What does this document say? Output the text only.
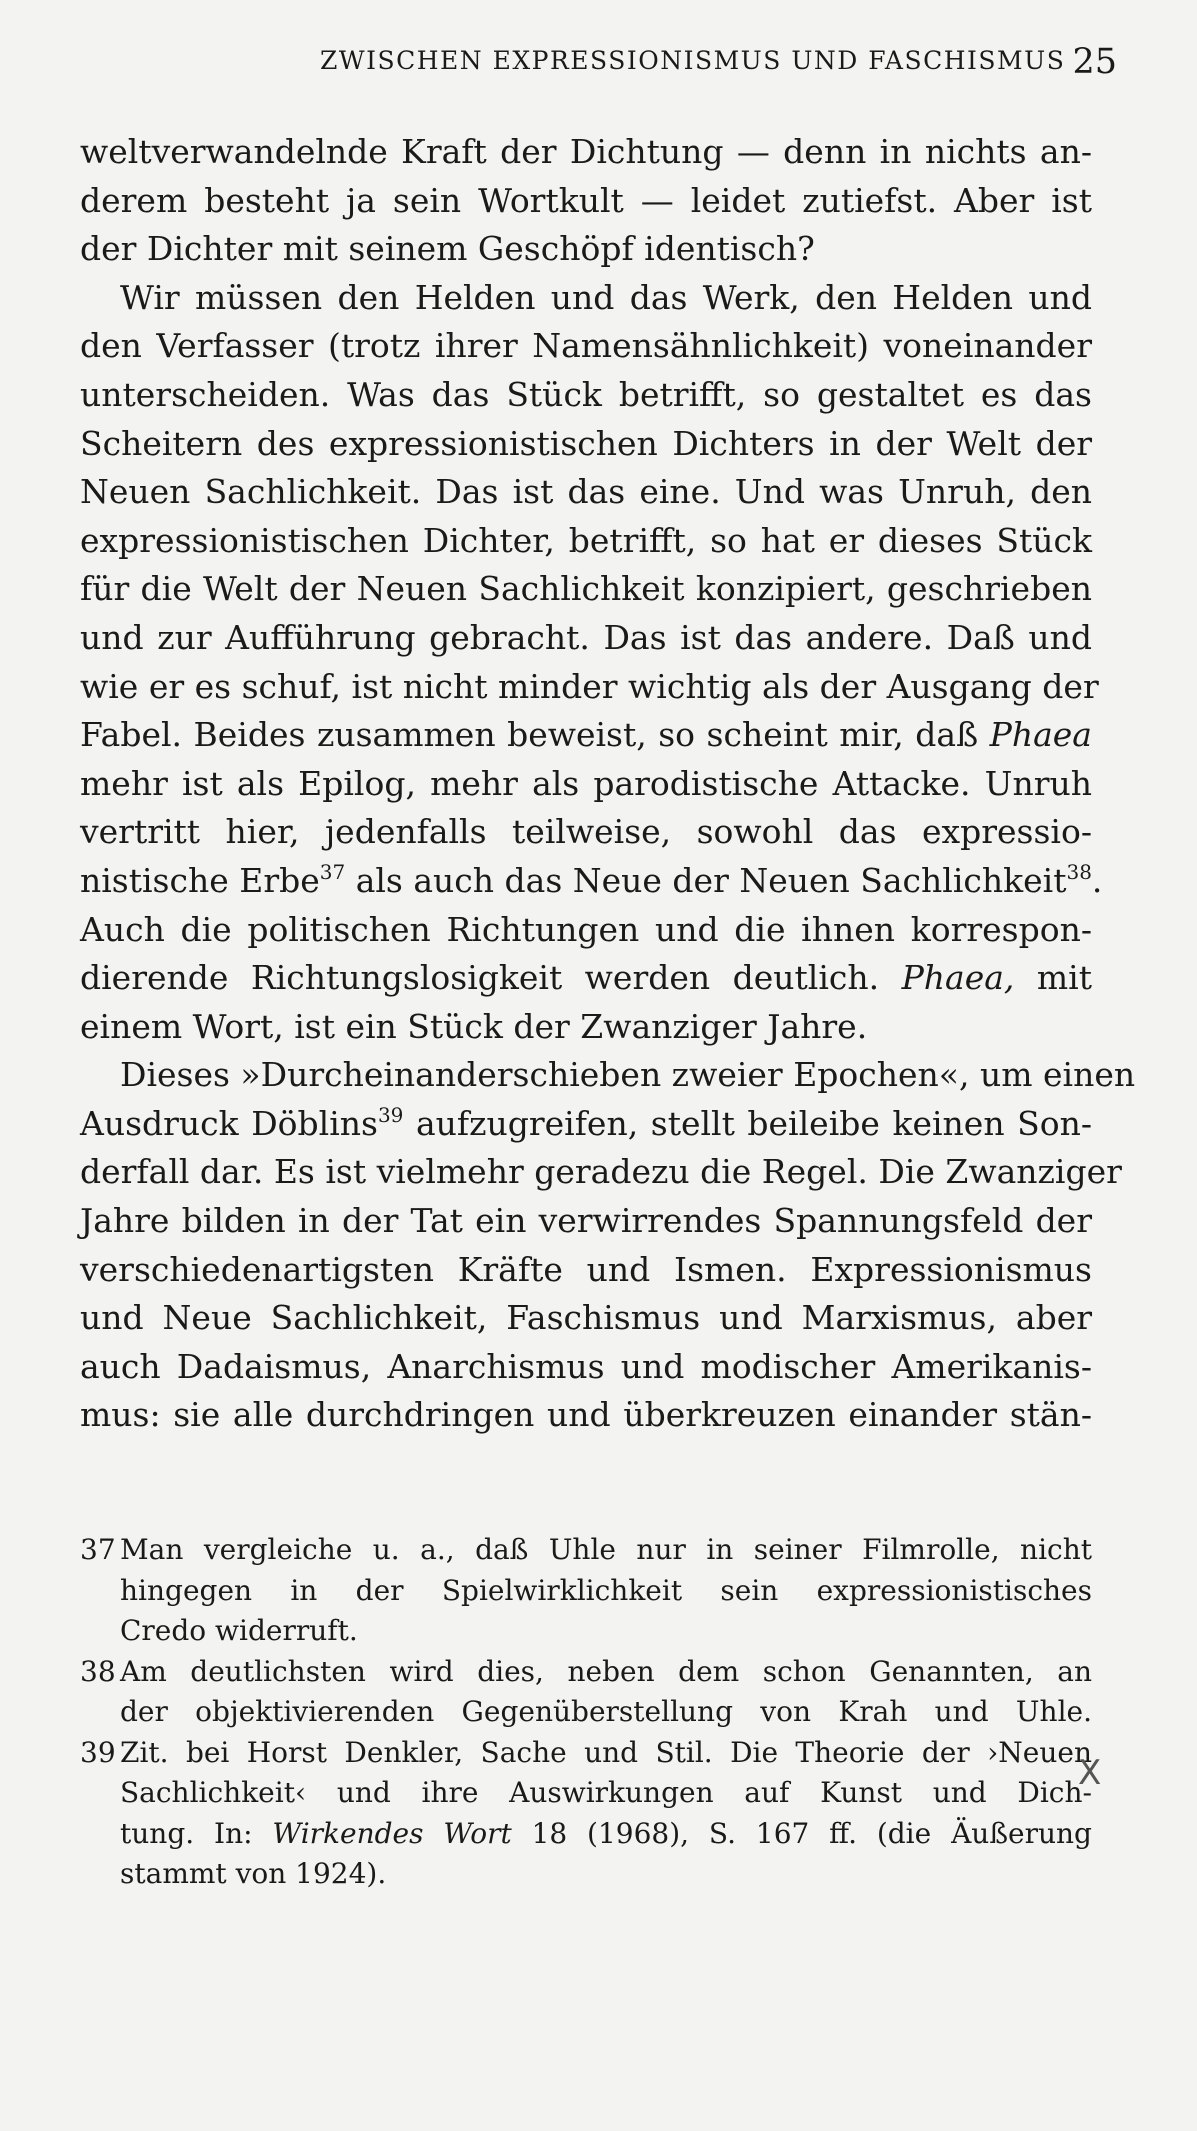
ZWISCHEN EXPRESSIONISMUS UND FASCHISMUS 25
weltverwandelnde Kraft der Dichtung — denn in nichts an-
derem besteht ja sein Wortkult — leidet zutiefst. Aber ist
der Dichter mit seinem Geschöpf identisch?
Wir müssen den Helden und das Werk, den Helden und
den Verfasser (trotz ihrer Namensähnlichkeit) voneinander
unterscheiden. Was das Stück betrifft, so gestaltet es das
Scheitern des expressionistischen Dichters in der Welt der
Neuen Sachlichkeit. Das ist das eine. Und was Unruh, den
expressionistischen Dichter, betrifft, so hat er dieses Stück
für die Welt der Neuen Sachlichkeit konzipiert, geschrieben
und zur Aufführung gebracht. Das ist das andere. Daß und
wie er es schuf, ist nicht minder wichtig als der Ausgang der
Fabel. Beides zusammen beweist, so scheint mir, daß Phaea
mehr ist als Epilog, mehr als parodistische Attacke. Unruh
vertritt hier, jedenfalls teilweise, sowohl das expressio-
nistische Erbe$^{37}$ als auch das Neue der Neuen Sachlichkeit$^{38}$.
Auch die politischen Richtungen und die ihnen korrespon-
dierende Richtungslosigkeit werden deutlich. Phaea, mit
einem Wort, ist ein Stück der Zwanziger Jahre.
Dieses »Durcheinanderschieben zweier Epochen«, um einen
Ausdruck Döblins$^{39}$ aufzugreifen, stellt beileibe keinen Son-
derfall dar. Es ist vielmehr geradezu die Regel. Die Zwanziger
Jahre bilden in der Tat ein verwirrendes Spannungsfeld der
verschiedenartigsten Kräfte und Ismen. Expressionismus
und Neue Sachlichkeit, Faschismus und Marxismus, aber
auch Dadaismus, Anarchismus und modischer Amerikanis-
mus: sie alle durchdringen und überkreuzen einander stän-
37 Man vergleiche u. a., daß Uhle nur in seiner Filmrolle, nicht
hingegen in der Spielwirklichkeit sein expressionistisches
Credo widerruft.
38 Am deutlichsten wird dies, neben dem schon Genannten, an
der objektivierenden Gegenüberstellung von Krah und Uhle.
39 Zit. bei Horst Denkler, Sache und Stil. Die Theorie der ›Neuen
Sachlichkeit‹ und ihre Auswirkungen auf Kunst und Dich-
tung. In: Wirkendes Wort 18 (1968), S. 167 ff. (die Äußerung
stammt von 1924).
X
